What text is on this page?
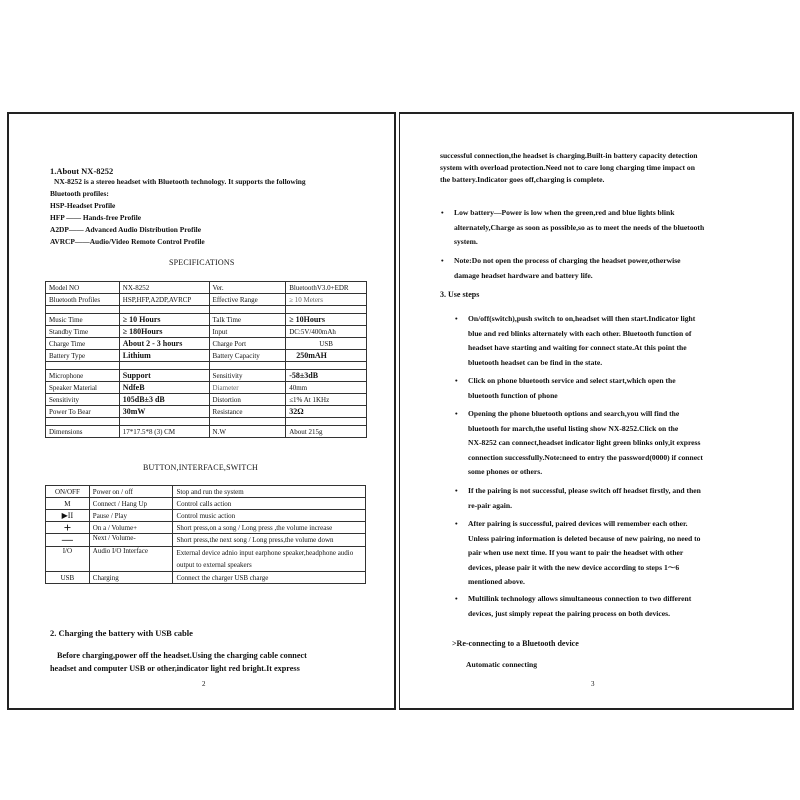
1.About NX-8252
NX-8252 is a stereo headset with Bluetooth technology. It supports the following
Bluetooth profiles:
HSP-Headset Profile
HFP —— Hands-free Profile
A2DP—— Advanced Audio Distribution Profile
AVRCP——Audio/Video Remote Control Profile
SPECIFICATIONS
Model NO	NX-8252	Ver.	BluetoothV3.0+EDR
Bluetooth Profiles	HSP,HFP,A2DP,AVRCP	Effective Range	≥ 10 Meters

Music Time	≥ 10 Hours	Talk Time	≥ 10Hours
Standby Time	≥ 180Hours	Input	DC:5V/400mAh
Charge Time	About 2 - 3 hours	Charge Port	USB
Battery Type	Lithium	Battery Capacity	250mAH

Microphone	Support	Sensitivity	-58±3dB
Speaker Material	NdfeB	Diameter	40mm
Sensitivity	105dB±3 dB	Distortion	≤1% At 1KHz
Power To Bear	30mW	Resistance	32Ω

Dimensions	17*17.5*8 (3) CM	N.W	About 215g
BUTTON,INTERFACE,SWITCH
ON/OFF	Power on / off	Stop and run the system
M	Connect / Hang Up	Control calls action
▶II	Pause / Play	Control music action
+	On a / Volume+	Short press,on a song / Long press ,the volume increase
—	Next / Volume-	Short press,the next song / Long press,the volume down
I/O	Audio I/O Interface	External device adnio input earphone speaker,headphone audio output to external speakers
USB	Charging	Connect the charger USB charge
2. Charging the battery with USB cable
Before charging,power off the headset.Using the charging cable connect
headset and computer USB or other,indicator light red bright.It express
2
successful connection,the headset is charging.Built-in battery capacity detection
system with overload protection.Need not to care long charging time impact on
the battery.Indicator goes off,charging is complete.
• Low battery—Power is low when the green,red and blue lights blink
alternately,Charge as soon as possible,so as to meet the needs of the bluetooth
system.
• Note:Do not open the process of charging the headset power,otherwise
damage headset hardware and battery life.
3. Use steps
• On/off(switch),push switch to on,headset will then start.Indicator light
blue and red blinks alternately with each other. Bluetooth function of
headset have starting and waiting for connect state.At this point the
bluetooth headset can be find in the state.
• Click on phone bluetooth service and select start,which open the
bluetooth function of phone
• Opening the phone bluetooth options and search,you will find the
bluetooth for march,the useful listing show NX-8252.Click on the
NX-8252 can connect,headset indicator light green blinks only,it express
connection successfully.Note:need to entry the password(0000) if connect
some phones or others.
• If the pairing is not successful, please switch off headset firstly, and then
re-pair again.
• After pairing is successful, paired devices will remember each other.
Unless pairing information is deleted because of new pairing, no need to
pair when use next time. If you want to pair the headset with other
devices, please pair it with the new device according to steps 1～6
mentioned above.
• Multilink technology allows simultaneous connection to two different
devices, just simply repeat the pairing process on both devices.
>Re-connecting to a Bluetooth device
Automatic connecting
3
